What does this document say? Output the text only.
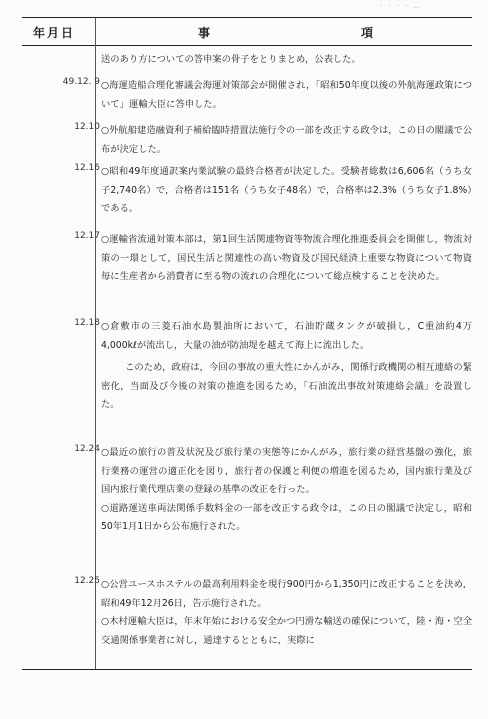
· · · · ‥
年月日	事	項

送のあり方についての答申案の骨子をとりまとめ，公表した。

49.12. 9 ○海運造船合理化審議会海運対策部会が開催され，「昭和50年度以後の外航海運政策について」運輸大臣に答申した。

12.10 ○外航船建造融資利子補給臨時措置法施行令の一部を改正する政令は，この日の閣議で公布が決定した。

12.16 ○昭和49年度通訳案内業試験の最終合格者が決定した。受験者総数は6,606名（うち女子2,740名）で，合格者は151名（うち女子48名）で，合格率は2.3%（うち女子1.8%）である。

12.17 ○運輸省流通対策本部は，第1回生活関連物資等物流合理化推進委員会を開催し，物流対策の一環として，国民生活と関連性の高い物資及び国民経済上重要な物資について物資毎に生産者から消費者に至る物の流れの合理化について総点検することを決めた。

12.18 ○倉敷市の三菱石油水島製油所において，石油貯蔵タンクが破損し，C重油約4万4,000kℓが流出し，大量の油が防油堤を越えて海上に流出した。

このため，政府は，今回の事故の重大性にかんがみ，関係行政機関の相互連絡の緊密化，当面及び今後の対策の推進を図るため，「石油流出事故対策連絡会議」を設置した。

12.24 ○最近の旅行の普及状況及び旅行業の実態等にかんがみ，旅行業の経営基盤の強化，旅行業務の運営の適正化を図り，旅行者の保護と利便の増進を図るため，国内旅行業及び国内旅行業代理店業の登録の基準の改正を行った。

○道路運送車両法関係手数料金の一部を改正する政令は，この日の閣議で決定し，昭和50年1月1日から公布施行された。

12.25 ○公営ユースホステルの最高利用料金を現行900円から1,350円に改正することを決め，昭和49年12月26日，告示施行された。

○木村運輸大臣は，年末年始における安全かつ円滑な輸送の確保について，陸・海・空全交通関係事業者に対し，通達するとともに，実際に
